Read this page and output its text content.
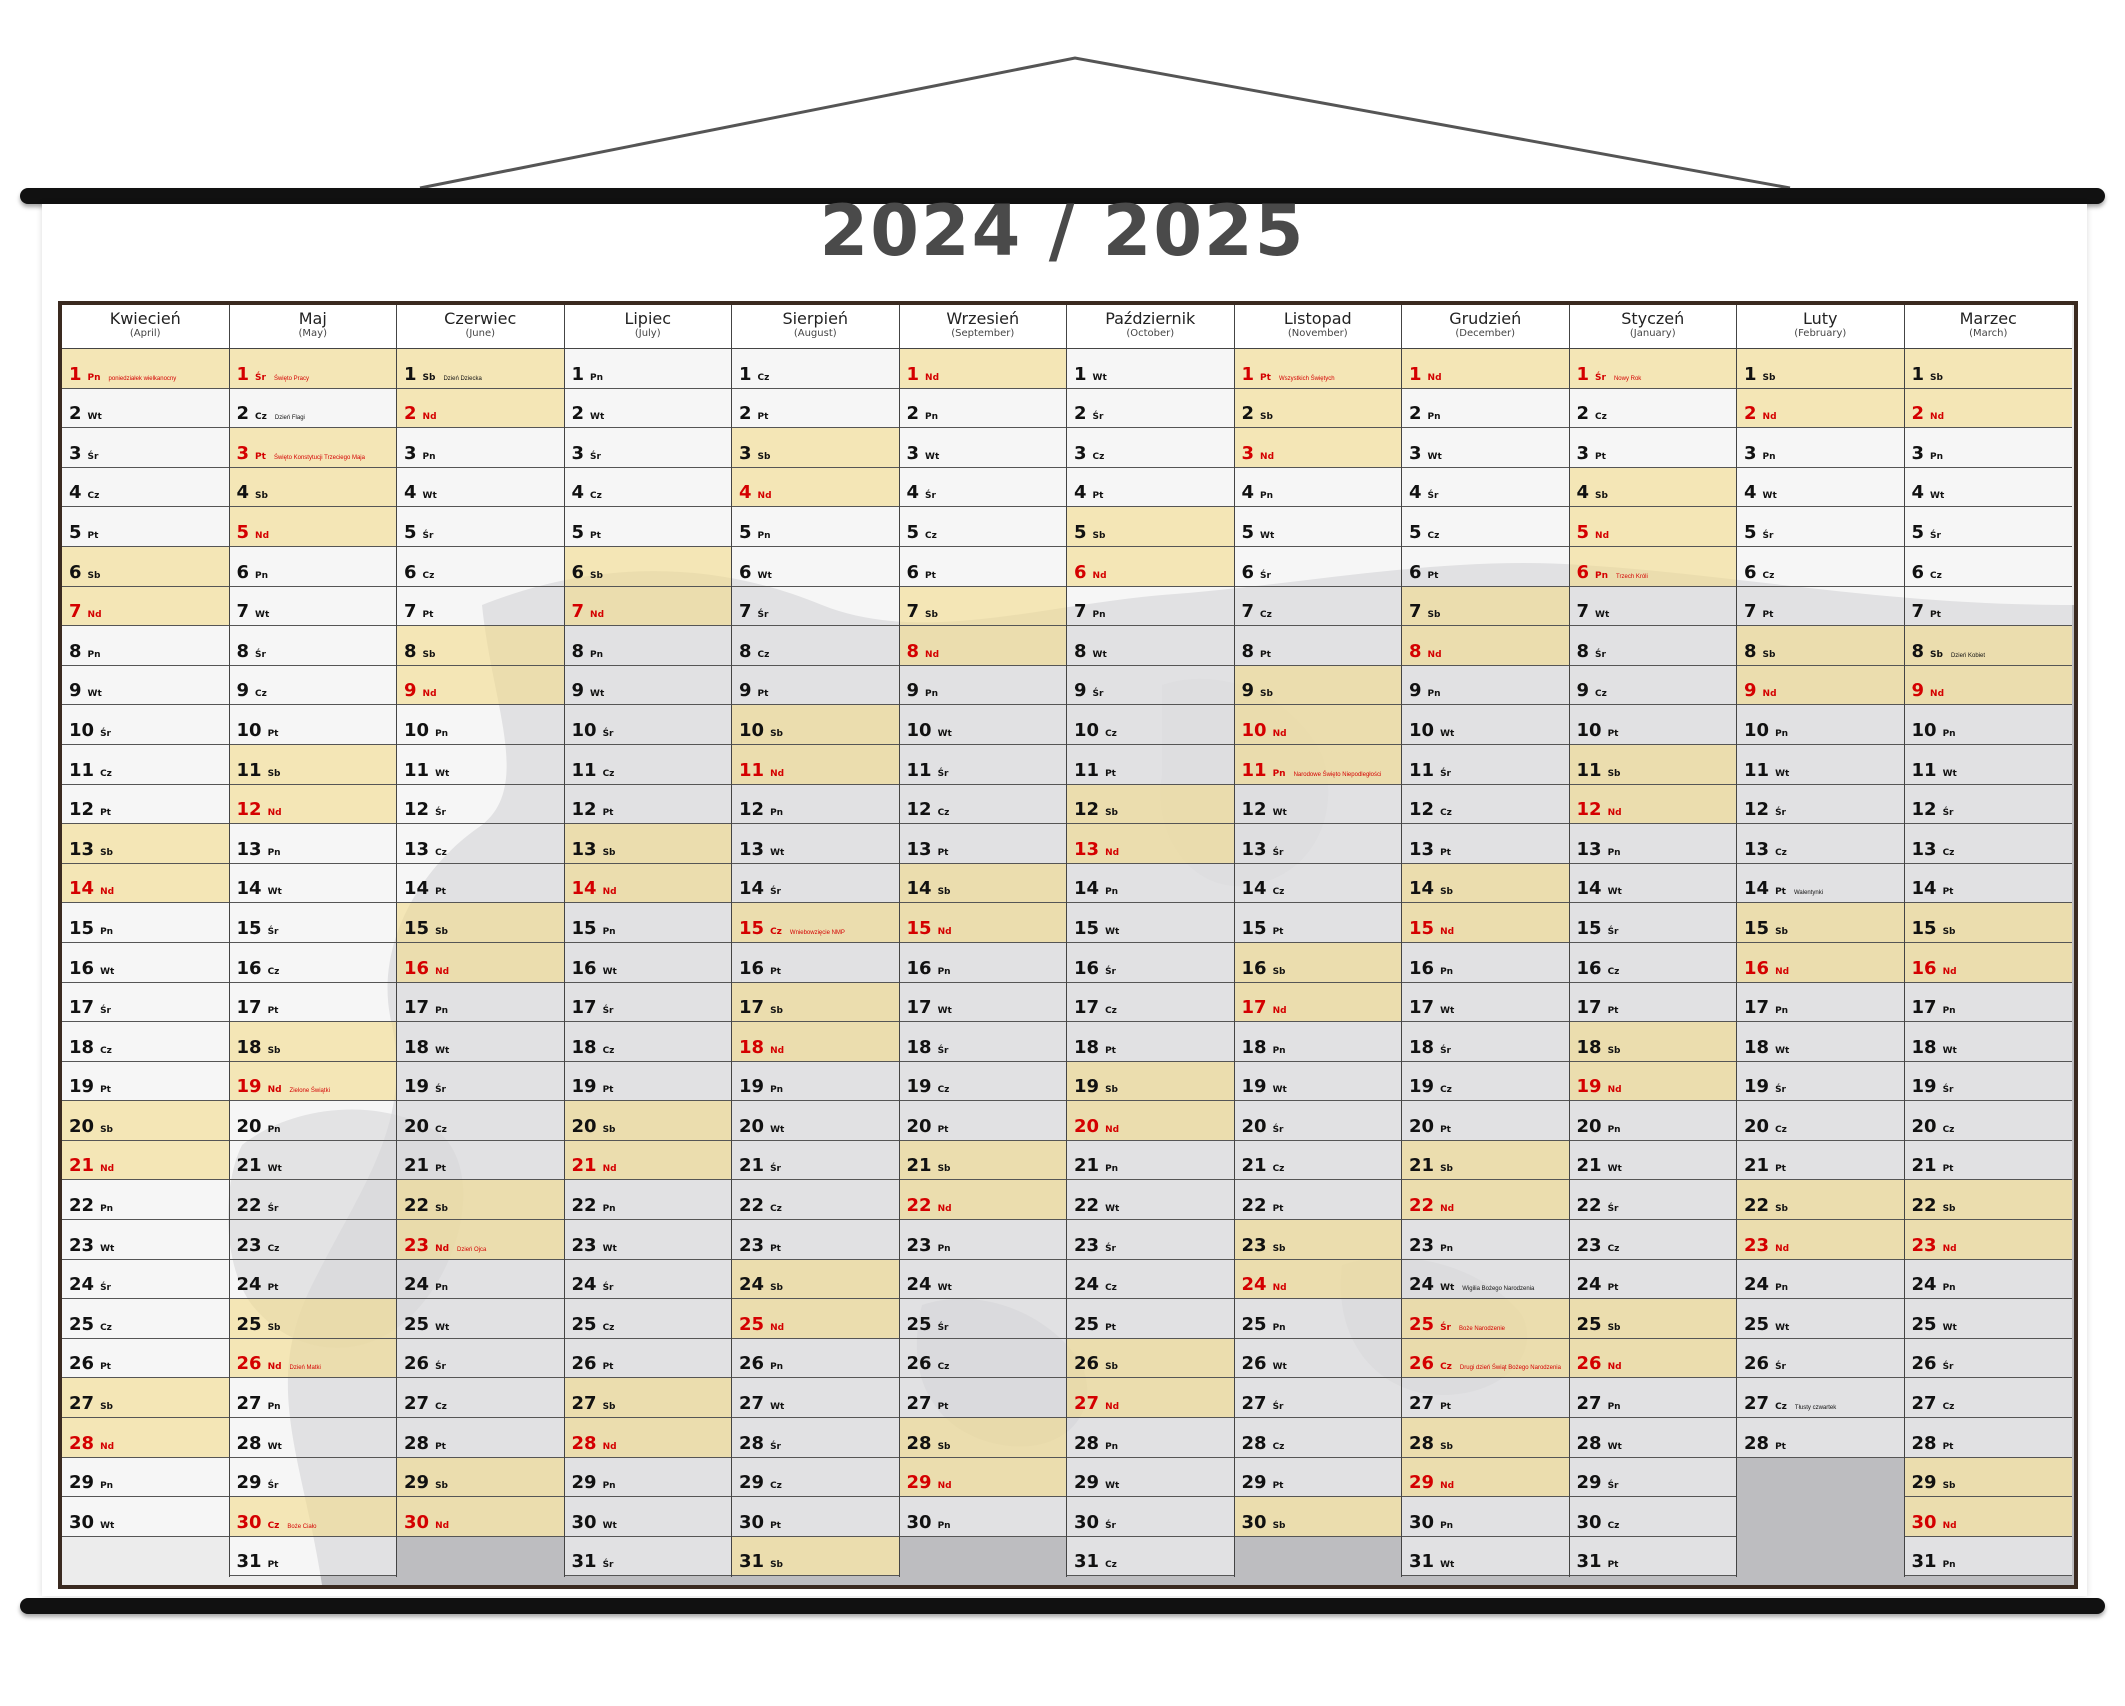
2024 / 2025
Kwiecień
(April)
1 Pn poniedziałek wielkanocny
2 Wt
3 Śr
4 Cz
5 Pt
6 Sb
7 Nd
8 Pn
9 Wt
10 Śr
11 Cz
12 Pt
13 Sb
14 Nd
15 Pn
16 Wt
17 Śr
18 Cz
19 Pt
20 Sb
21 Nd
22 Pn
23 Wt
24 Śr
25 Cz
26 Pt
27 Sb
28 Nd
29 Pn
30 Wt
Maj
(May)
1 Śr Święto Pracy
2 Cz Dzień Flagi
3 Pt Święto Konstytucji Trzeciego Maja
4 Sb
5 Nd
6 Pn
7 Wt
8 Śr
9 Cz
10 Pt
11 Sb
12 Nd
13 Pn
14 Wt
15 Śr
16 Cz
17 Pt
18 Sb
19 Nd Zielone Świątki
20 Pn
21 Wt
22 Śr
23 Cz
24 Pt
25 Sb
26 Nd Dzień Matki
27 Pn
28 Wt
29 Śr
30 Cz Boże Ciało
31 Pt
Czerwiec
(June)
1 Sb Dzień Dziecka
2 Nd
3 Pn
4 Wt
5 Śr
6 Cz
7 Pt
8 Sb
9 Nd
10 Pn
11 Wt
12 Śr
13 Cz
14 Pt
15 Sb
16 Nd
17 Pn
18 Wt
19 Śr
20 Cz
21 Pt
22 Sb
23 Nd Dzień Ojca
24 Pn
25 Wt
26 Śr
27 Cz
28 Pt
29 Sb
30 Nd
Lipiec
(July)
1 Pn
2 Wt
3 Śr
4 Cz
5 Pt
6 Sb
7 Nd
8 Pn
9 Wt
10 Śr
11 Cz
12 Pt
13 Sb
14 Nd
15 Pn
16 Wt
17 Śr
18 Cz
19 Pt
20 Sb
21 Nd
22 Pn
23 Wt
24 Śr
25 Cz
26 Pt
27 Sb
28 Nd
29 Pn
30 Wt
31 Śr
Sierpień
(August)
1 Cz
2 Pt
3 Sb
4 Nd
5 Pn
6 Wt
7 Śr
8 Cz
9 Pt
10 Sb
11 Nd
12 Pn
13 Wt
14 Śr
15 Cz Wniebowzięcie NMP
16 Pt
17 Sb
18 Nd
19 Pn
20 Wt
21 Śr
22 Cz
23 Pt
24 Sb
25 Nd
26 Pn
27 Wt
28 Śr
29 Cz
30 Pt
31 Sb
Wrzesień
(September)
1 Nd
2 Pn
3 Wt
4 Śr
5 Cz
6 Pt
7 Sb
8 Nd
9 Pn
10 Wt
11 Śr
12 Cz
13 Pt
14 Sb
15 Nd
16 Pn
17 Wt
18 Śr
19 Cz
20 Pt
21 Sb
22 Nd
23 Pn
24 Wt
25 Śr
26 Cz
27 Pt
28 Sb
29 Nd
30 Pn
Październik
(October)
1 Wt
2 Śr
3 Cz
4 Pt
5 Sb
6 Nd
7 Pn
8 Wt
9 Śr
10 Cz
11 Pt
12 Sb
13 Nd
14 Pn
15 Wt
16 Śr
17 Cz
18 Pt
19 Sb
20 Nd
21 Pn
22 Wt
23 Śr
24 Cz
25 Pt
26 Sb
27 Nd
28 Pn
29 Wt
30 Śr
31 Cz
Listopad
(November)
1 Pt Wszystkich Świętych
2 Sb
3 Nd
4 Pn
5 Wt
6 Śr
7 Cz
8 Pt
9 Sb
10 Nd
11 Pn Narodowe Święto Niepodległości
12 Wt
13 Śr
14 Cz
15 Pt
16 Sb
17 Nd
18 Pn
19 Wt
20 Śr
21 Cz
22 Pt
23 Sb
24 Nd
25 Pn
26 Wt
27 Śr
28 Cz
29 Pt
30 Sb
Grudzień
(December)
1 Nd
2 Pn
3 Wt
4 Śr
5 Cz
6 Pt
7 Sb
8 Nd
9 Pn
10 Wt
11 Śr
12 Cz
13 Pt
14 Sb
15 Nd
16 Pn
17 Wt
18 Śr
19 Cz
20 Pt
21 Sb
22 Nd
23 Pn
24 Wt Wigilia Bożego Narodzenia
25 Śr Boże Narodzenie
26 Cz Drugi dzień Świąt Bożego Narodzenia
27 Pt
28 Sb
29 Nd
30 Pn
31 Wt
Styczeń
(January)
1 Śr Nowy Rok
2 Cz
3 Pt
4 Sb
5 Nd
6 Pn Trzech Króli
7 Wt
8 Śr
9 Cz
10 Pt
11 Sb
12 Nd
13 Pn
14 Wt
15 Śr
16 Cz
17 Pt
18 Sb
19 Nd
20 Pn
21 Wt
22 Śr
23 Cz
24 Pt
25 Sb
26 Nd
27 Pn
28 Wt
29 Śr
30 Cz
31 Pt
Luty
(February)
1 Sb
2 Nd
3 Pn
4 Wt
5 Śr
6 Cz
7 Pt
8 Sb
9 Nd
10 Pn
11 Wt
12 Śr
13 Cz
14 Pt Walentynki
15 Sb
16 Nd
17 Pn
18 Wt
19 Śr
20 Cz
21 Pt
22 Sb
23 Nd
24 Pn
25 Wt
26 Śr
27 Cz Tłusty czwartek
28 Pt
Marzec
(March)
1 Sb
2 Nd
3 Pn
4 Wt
5 Śr
6 Cz
7 Pt
8 Sb Dzień Kobiet
9 Nd
10 Pn
11 Wt
12 Śr
13 Cz
14 Pt
15 Sb
16 Nd
17 Pn
18 Wt
19 Śr
20 Cz
21 Pt
22 Sb
23 Nd
24 Pn
25 Wt
26 Śr
27 Cz
28 Pt
29 Sb
30 Nd
31 Pn
